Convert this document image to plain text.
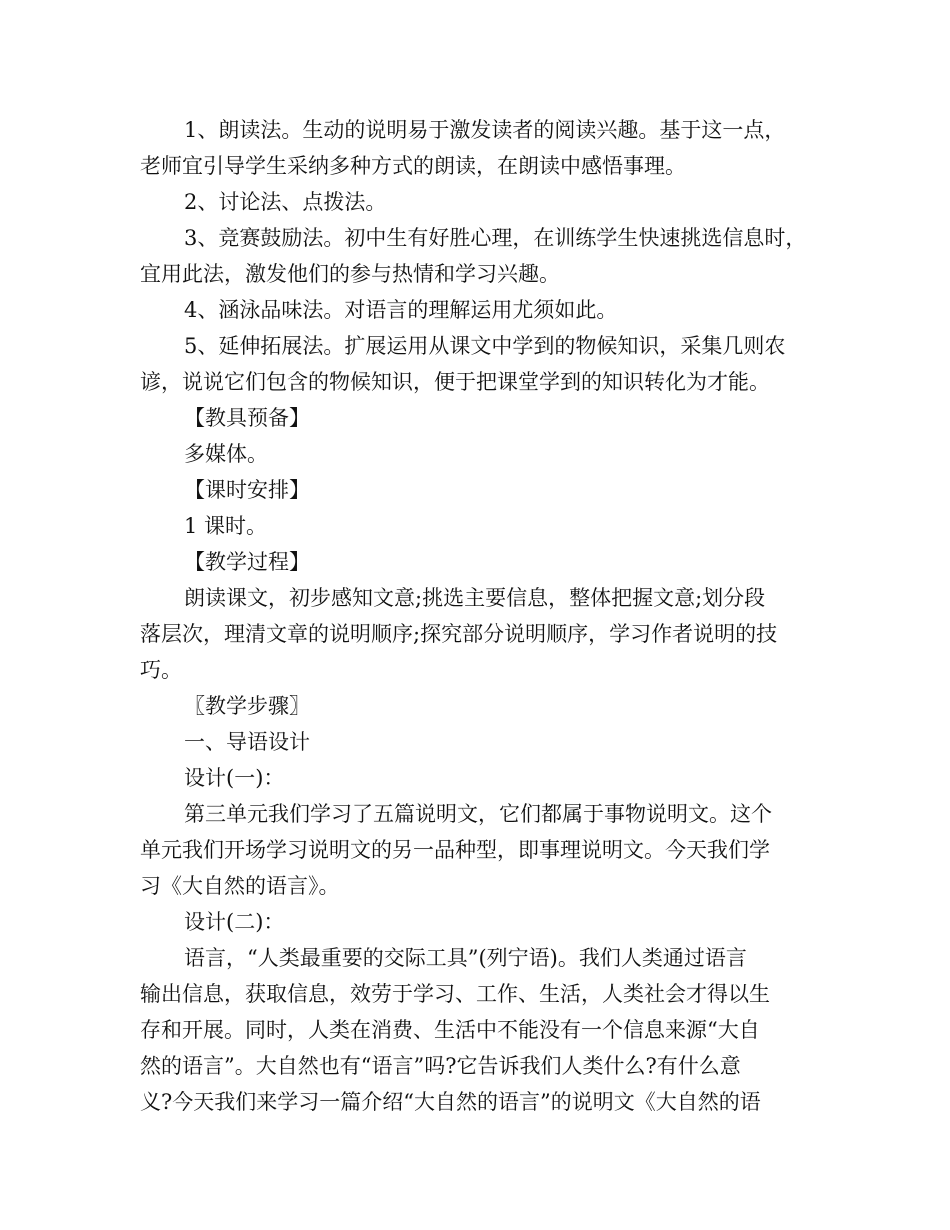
1、朗读法。生动的说明易于激发读者的阅读兴趣。基于这一点，

老师宜引导学生采纳多种方式的朗读，在朗读中感悟事理。

2、讨论法、点拨法。

3、竞赛鼓励法。初中生有好胜心理，在训练学生快速挑选信息时，

宜用此法，激发他们的参与热情和学习兴趣。

4、涵泳品味法。对语言的理解运用尤须如此。

5、延伸拓展法。扩展运用从课文中学到的物候知识，采集几则农

谚，说说它们包含的物候知识，便于把课堂学到的知识转化为才能。

【教具预备】

多媒体。

【课时安排】

1 课时。

【教学过程】

朗读课文，初步感知文意;挑选主要信息，整体把握文意;划分段

落层次，理清文章的说明顺序;探究部分说明顺序，学习作者说明的技

巧。

〖教学步骤〗

一、导语设计

设计(一)：

第三单元我们学习了五篇说明文，它们都属于事物说明文。这个

单元我们开场学习说明文的另一品种型，即事理说明文。今天我们学

习《大自然的语言》。

设计(二)：

语言，“人类最重要的交际工具”(列宁语)。我们人类通过语言

输出信息，获取信息，效劳于学习、工作、生活，人类社会才得以生

存和开展。同时，人类在消费、生活中不能没有一个信息来源“大自

然的语言”。大自然也有“语言”吗?它告诉我们人类什么?有什么意

义?今天我们来学习一篇介绍“大自然的语言”的说明文《大自然的语
